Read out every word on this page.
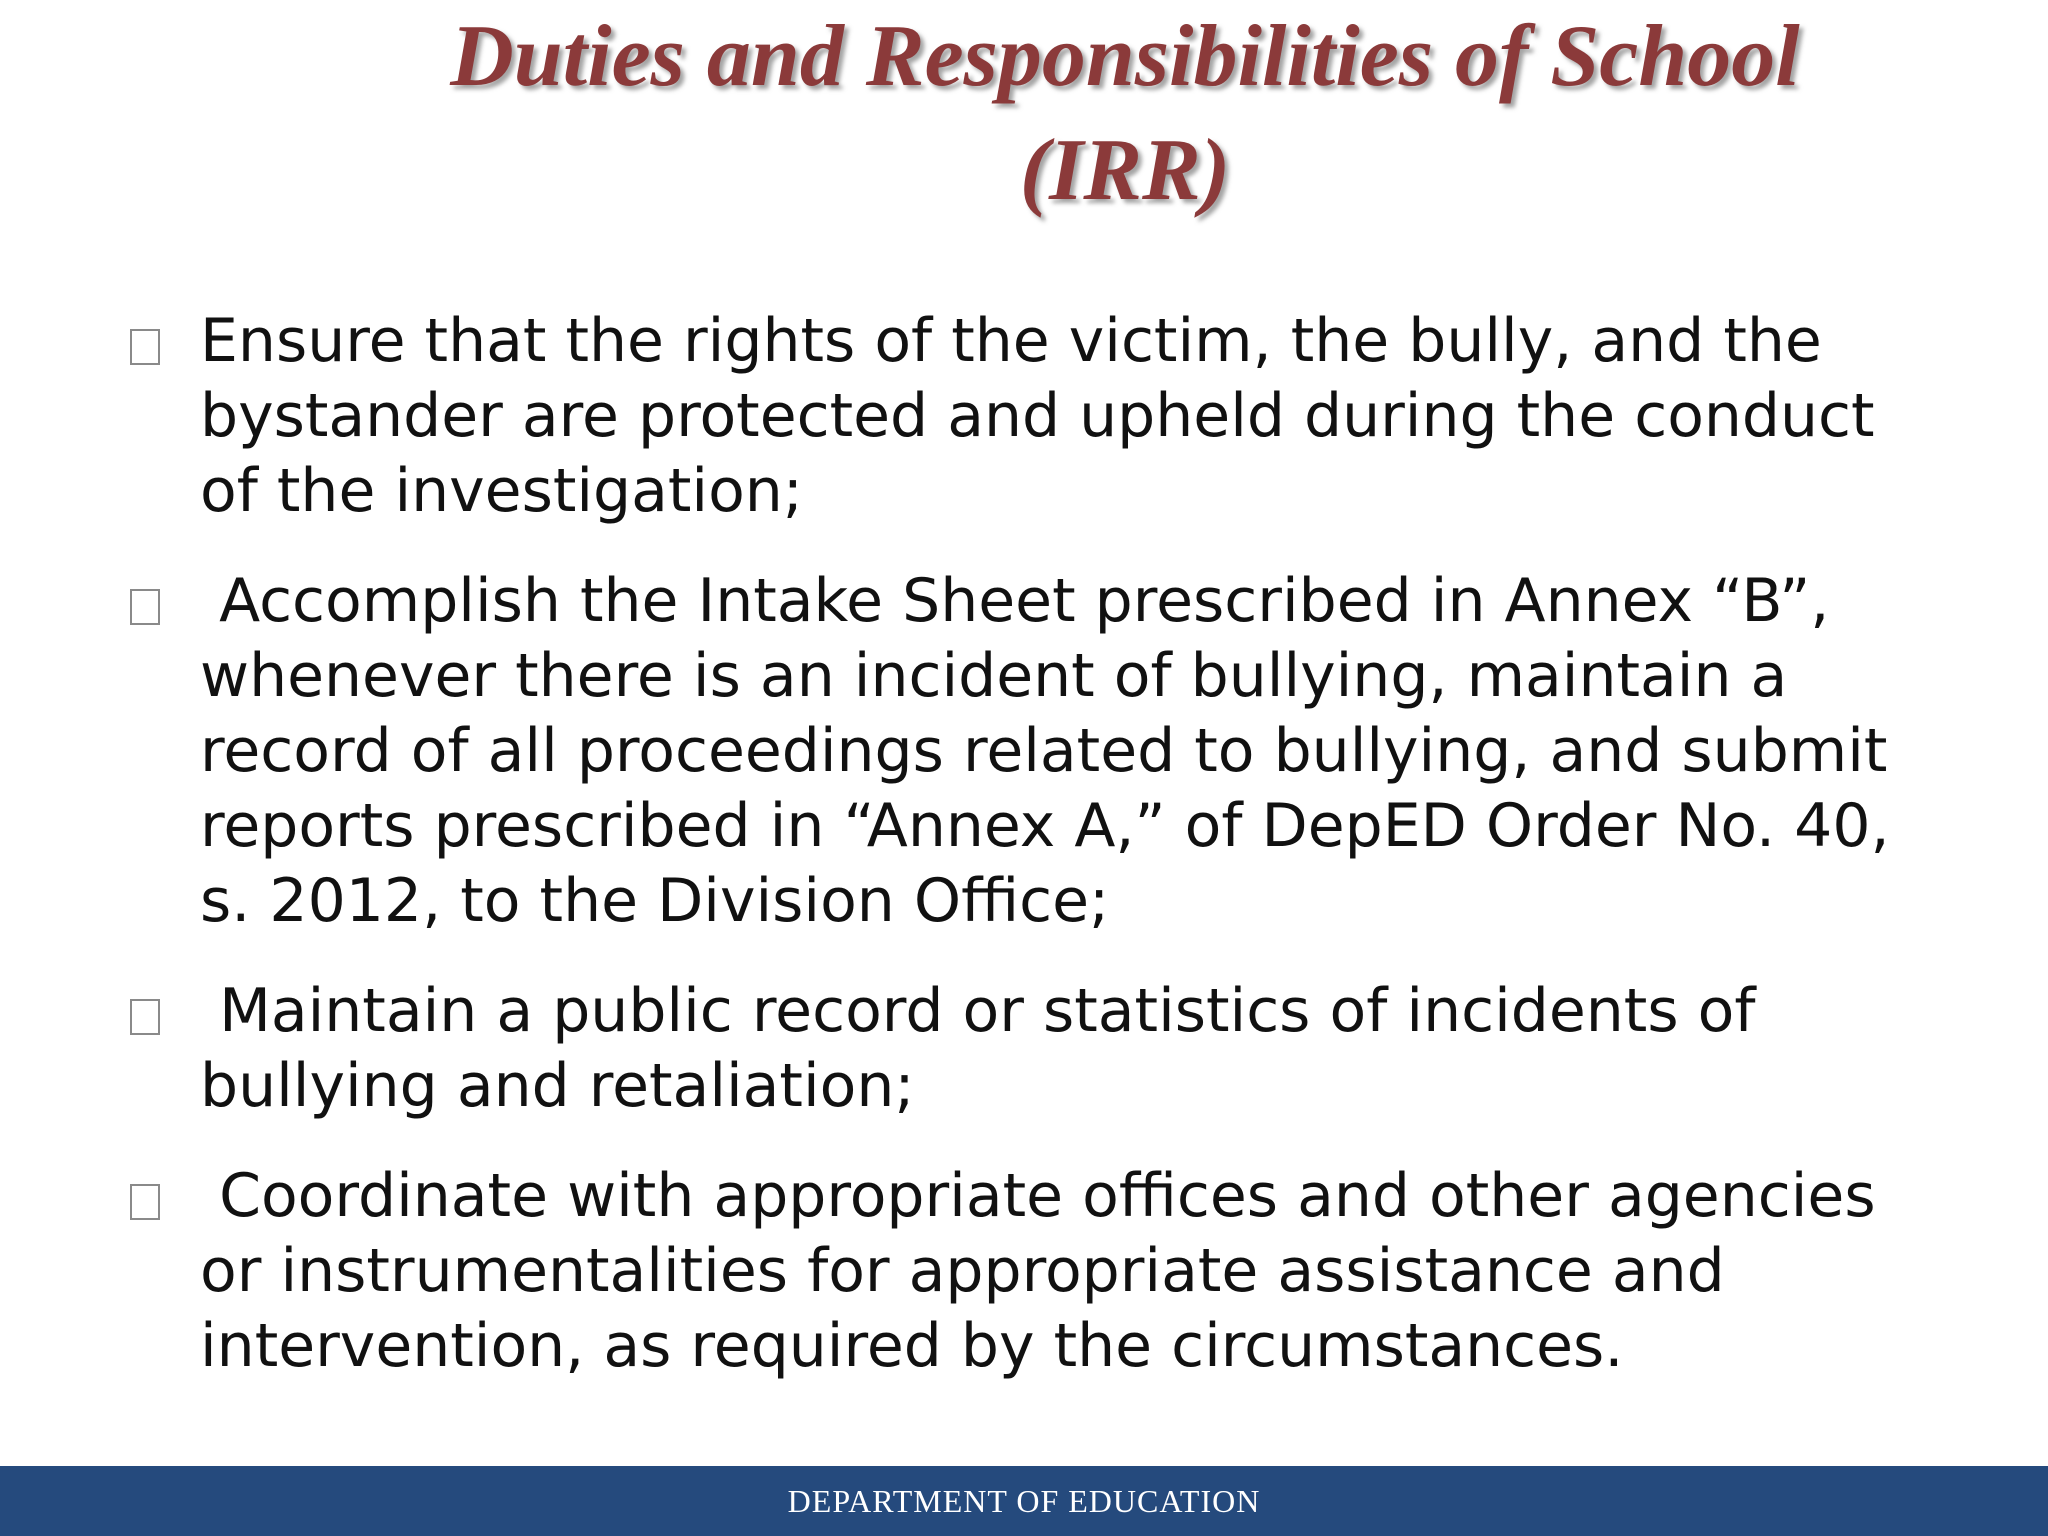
Duties and Responsibilities of School
(IRR)
Ensure that the rights of the victim, the bully, and the bystander are protected and upheld during the conduct of the investigation;
Accomplish the Intake Sheet prescribed in Annex “B”, whenever there is an incident of bullying, maintain a record of all proceedings related to bullying, and submit reports prescribed in “Annex A,” of DepED Order No. 40, s. 2012, to the Division Office;
Maintain a public record or statistics of incidents of bullying and retaliation;
Coordinate with appropriate offices and other agencies or instrumentalities for appropriate assistance and intervention, as required by the circumstances.
DEPARTMENT OF EDUCATION
